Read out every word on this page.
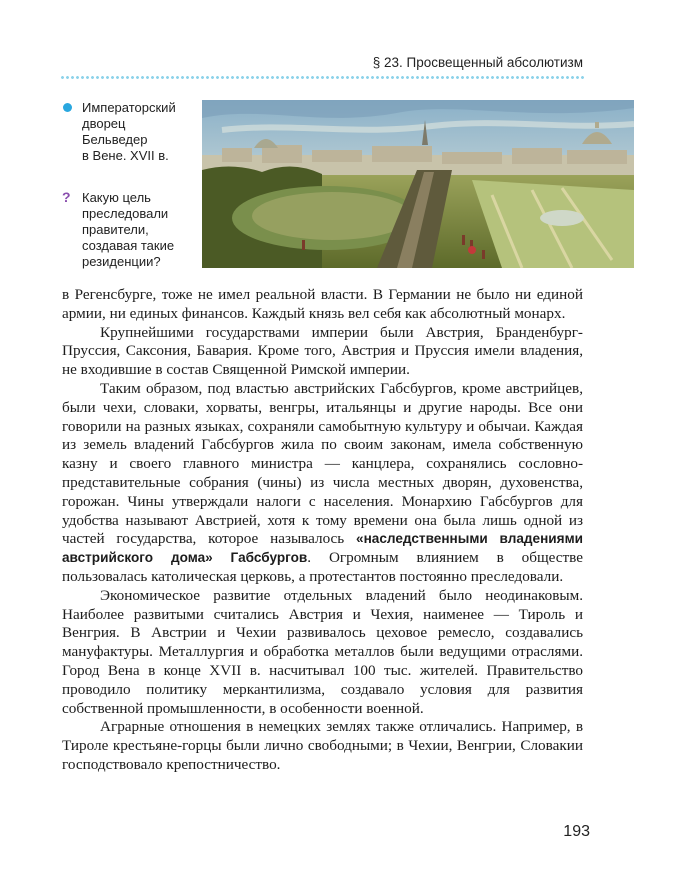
§ 23. Просвещенный абсолютизм
Императорский
дворец
Бельведер
в Вене. XVII в.
? Какую цель
преследовали
правители,
создавая такие
резиденции?

в Регенсбурге, тоже не имел реальной власти. В Германии не было ни единой армии, ни единых финансов. Каждый князь вел себя как абсолютный монарх.

Крупнейшими государствами империи были Австрия, Бранденбург-Пруссия, Саксония, Бавария. Кроме того, Австрия и Пруссия имели владения, не входившие в состав Священной Римской империи.

Таким образом, под властью австрийских Габсбургов, кроме австрийцев, были чехи, словаки, хорваты, венгры, итальянцы и другие народы. Все они говорили на разных языках, сохраняли самобытную культуру и обычаи. Каждая из земель владений Габсбургов жила по своим законам, имела собственную казну и своего главного министра — канцлера, сохранялись сословно-представительные собрания (чины) из числа местных дворян, духовенства, горожан. Чины утверждали налоги с населения. Монархию Габсбургов для удобства называют Австрией, хотя к тому времени она была лишь одной из частей государства, которое называлось «наследственными владениями австрийского дома» Габсбургов. Огромным влиянием в обществе пользовалась католическая церковь, а протестантов постоянно преследовали.

Экономическое развитие отдельных владений было неодинаковым. Наиболее развитыми считались Австрия и Чехия, наименее — Тироль и Венгрия. В Австрии и Чехии развивалось цеховое ремесло, создавались мануфактуры. Металлургия и обработка металлов были ведущими отраслями. Город Вена в конце XVII в. насчитывал 100 тыс. жителей. Правительство проводило политику меркантилизма, создавало условия для развития собственной промышленности, в особенности военной.

Аграрные отношения в немецких землях также отличались. Например, в Тироле крестьяне-горцы были лично свободными; в Чехии, Венгрии, Словакии господствовало крепостничество.

193
